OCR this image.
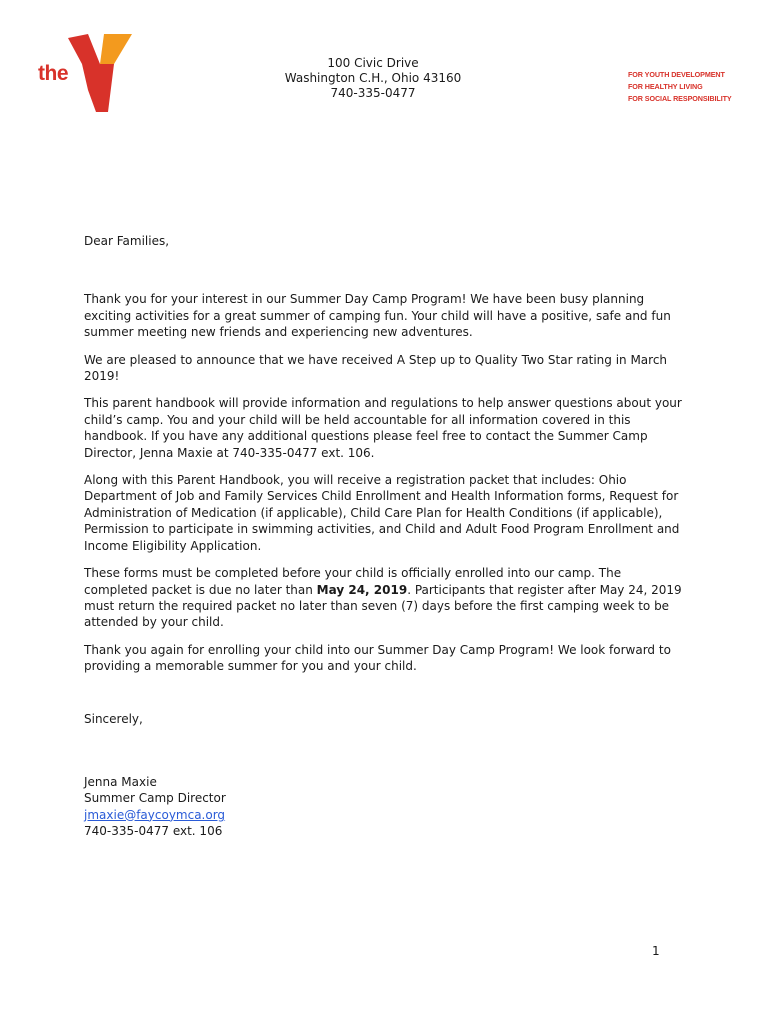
the	100 Civic Drive
Washington C.H., Ohio 43160
740-335-0477
FOR YOUTH DEVELOPMENT
FOR HEALTHY LIVING
FOR SOCIAL RESPONSIBILITY

Dear Families,

Thank you for your interest in our Summer Day Camp Program! We have been busy planning exciting activities for a great summer of camping fun. Your child will have a positive, safe and fun summer meeting new friends and experiencing new adventures.

We are pleased to announce that we have received A Step up to Quality Two Star rating in March 2019!

This parent handbook will provide information and regulations to help answer questions about your child’s camp. You and your child will be held accountable for all information covered in this handbook. If you have any additional questions please feel free to contact the Summer Camp Director, Jenna Maxie at 740-335-0477 ext. 106.

Along with this Parent Handbook, you will receive a registration packet that includes: Ohio Department of Job and Family Services Child Enrollment and Health Information forms, Request for Administration of Medication (if applicable), Child Care Plan for Health Conditions (if applicable), Permission to participate in swimming activities, and Child and Adult Food Program Enrollment and Income Eligibility Application.

These forms must be completed before your child is officially enrolled into our camp. The completed packet is due no later than May 24, 2019. Participants that register after May 24, 2019 must return the required packet no later than seven (7) days before the first camping week to be attended by your child.

Thank you again for enrolling your child into our Summer Day Camp Program! We look forward to providing a memorable summer for you and your child.

Sincerely,

Jenna Maxie
Summer Camp Director
jmaxie@faycoymca.org
740-335-0477 ext. 106
1
